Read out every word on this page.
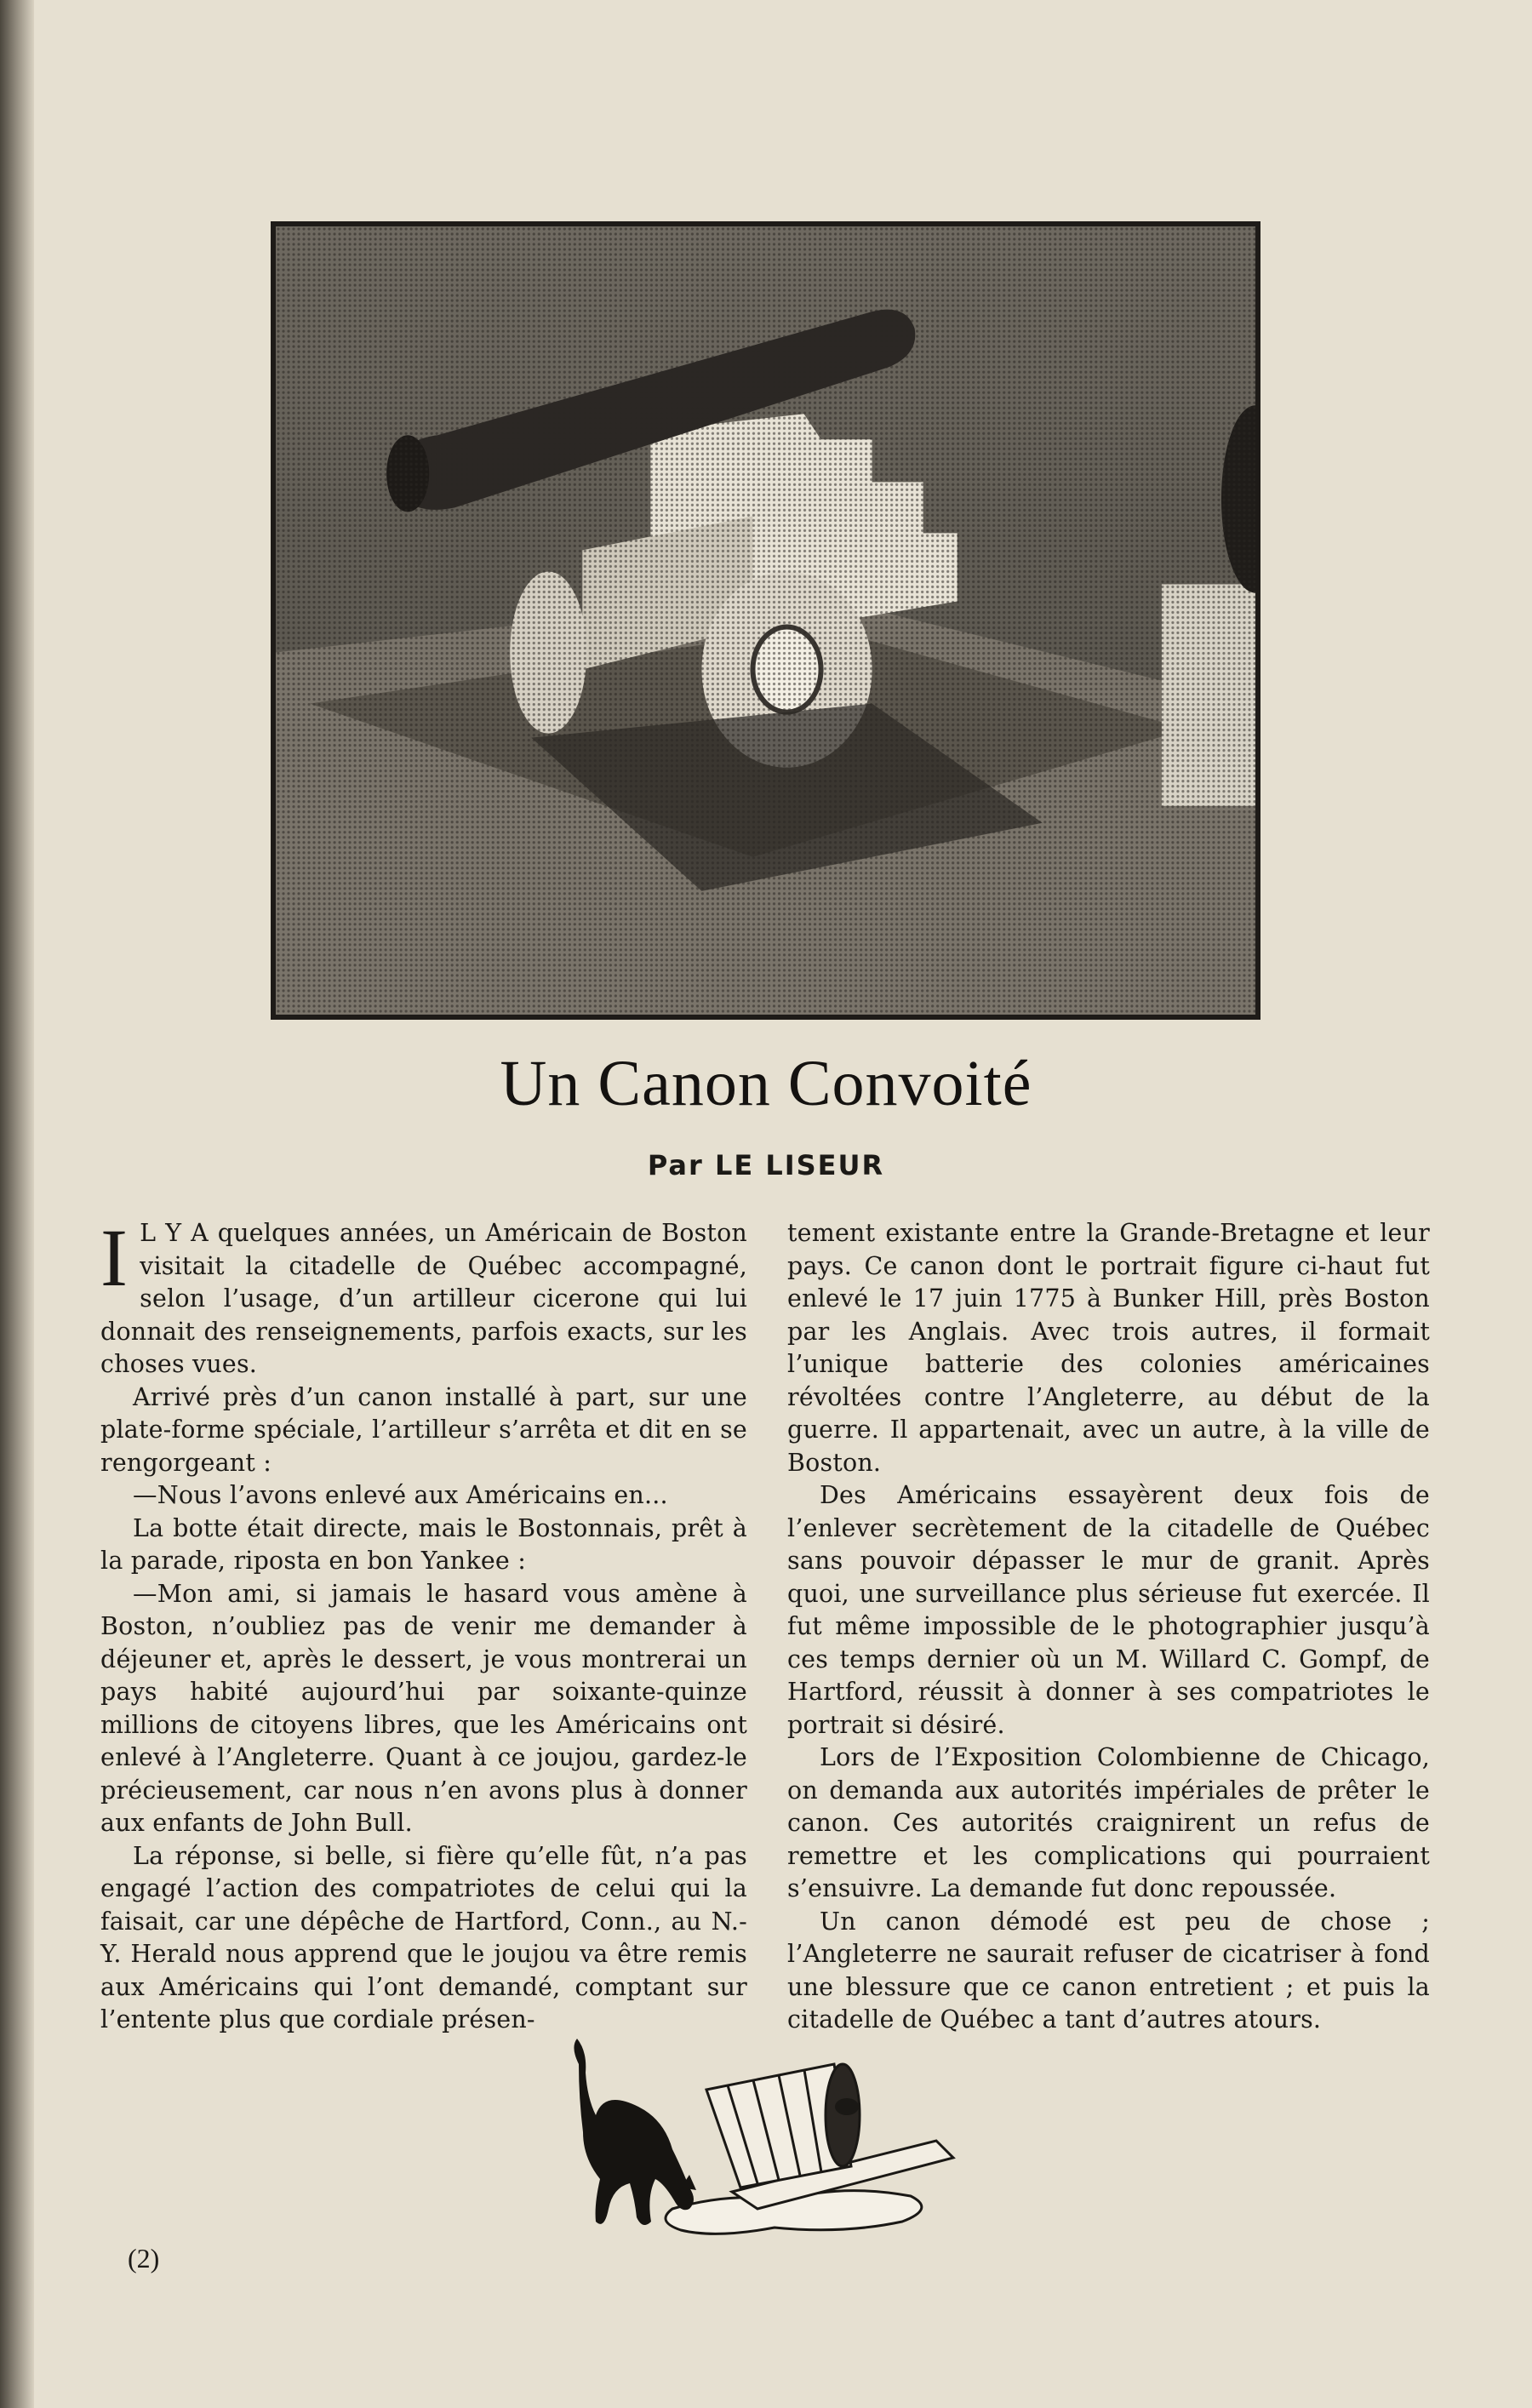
Un Canon Convoité
Par LE LISEUR

I L Y A quelques années, un Américain de Boston visitait la citadelle de Québec accompagné, selon l’usage, d’un artilleur cicerone qui lui donnait des renseignements, parfois exacts, sur les choses vues.

Arrivé près d’un canon installé à part, sur une plate-forme spéciale, l’artilleur s’arrêta et dit en se rengorgeant :

—Nous l’avons enlevé aux Américains en...

La botte était directe, mais le Bostonnais, prêt à la parade, riposta en bon Yankee :

—Mon ami, si jamais le hasard vous amène à Boston, n’oubliez pas de venir me demander à déjeuner et, après le dessert, je vous montrerai un pays habité aujourd’hui par soixante-quinze millions de citoyens libres, que les Américains ont enlevé à l’Angleterre. Quant à ce joujou, gardez-le précieusement, car nous n’en avons plus à donner aux enfants de John Bull.

La réponse, si belle, si fière qu’elle fût, n’a pas engagé l’action des compatriotes de celui qui la faisait, car une dépêche de Hartford, Conn., au N.-Y. Herald nous apprend que le joujou va être remis aux Américains qui l’ont demandé, comptant sur l’entente plus que cordiale présen-

tement existante entre la Grande-Bretagne et leur pays. Ce canon dont le portrait figure ci-haut fut enlevé le 17 juin 1775 à Bunker Hill, près Boston par les Anglais. Avec trois autres, il formait l’unique batterie des colonies américaines révoltées contre l’Angleterre, au début de la guerre. Il appartenait, avec un autre, à la ville de Boston.

Des Américains essayèrent deux fois de l’enlever secrètement de la citadelle de Québec sans pouvoir dépasser le mur de granit. Après quoi, une surveillance plus sérieuse fut exercée. Il fut même impossible de le photographier jusqu’à ces temps dernier où un M. Willard C. Gompf, de Hartford, réussit à donner à ses compatriotes le portrait si désiré.

Lors de l’Exposition Colombienne de Chicago, on demanda aux autorités impériales de prêter le canon. Ces autorités craignirent un refus de remettre et les complications qui pourraient s’ensuivre. La demande fut donc repoussée.

Un canon démodé est peu de chose ; l’Angleterre ne saurait refuser de cicatriser à fond une blessure que ce canon entretient ; et puis la citadelle de Québec a tant d’autres atours.

(2)
